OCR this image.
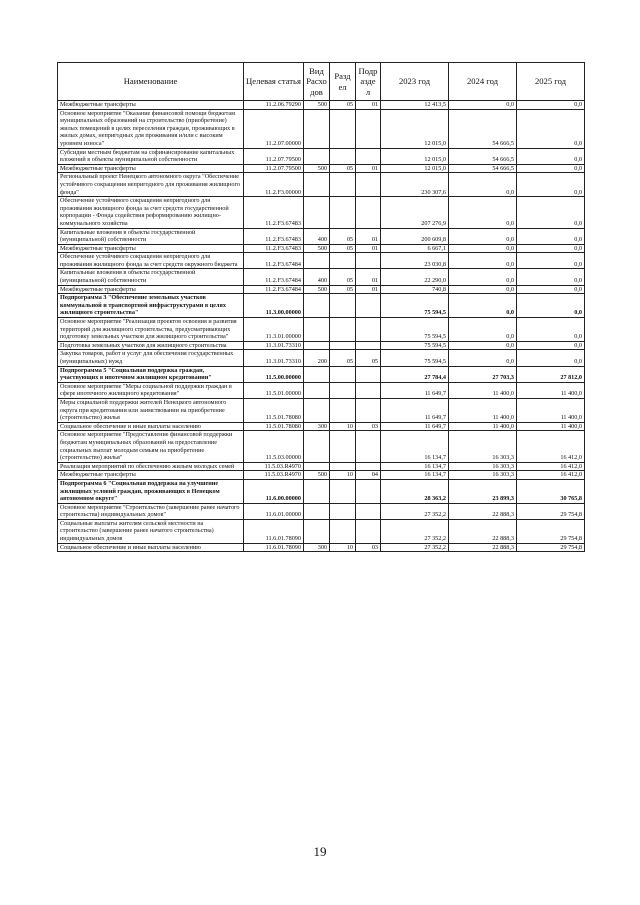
Наименование	Целевая статья	Вид Расхо дов	Разд ел	Подр азде л	2023 год	2024 год	2025 год
Межбюджетные трансферты	11.2.06.79290	500	05	01	12 413,5	0,0	0,0
Основное мероприятие "Оказание финансовой помощи бюджетам муниципальных образований на строительство (приобретение) жилых помещений в целях переселения граждан, проживающих в жилых домах, непригодных для проживания и/или с высоким уровнем износа"	11.2.07.00000				12 015,0	54 666,5	0,0
Субсидии местным бюджетам на софинансирование капитальных вложений в объекты муниципальной собственности	11.2.07.79500				12 015,0	54 666,5	0,0
Межбюджетные трансферты	11.2.07.79500	500	05	01	12 015,0	54 666,5	0,0
Региональный проект Ненецкого автономного округа "Обеспечение устойчивого сокращения непригодного для проживания жилищного фонда"	11.2.F3.00000				230 307,6	0,0	0,0
Обеспечение устойчивого сокращения непригодного для проживания жилищного фонда за счет средств государственной корпорации - Фонда содействия реформированию жилищно-коммунального хозяйства	11.2.F3.67483				207 276,9	0,0	0,0
Капитальные вложения в объекты государственной (муниципальной) собственности	11.2.F3.67483	400	05	01	200 609,8	0,0	0,0
Межбюджетные трансферты	11.2.F3.67483	500	05	01	6 667,1	0,0	0,0
Обеспечение устойчивого сокращения непригодного для проживания жилищного фонда за счет средств окружного бюджета	11.2.F3.67484				23 030,8	0,0	0,0
Капитальные вложения в объекты государственной (муниципальной) собственности	11.2.F3.67484	400	05	01	22 290,0	0,0	0,0
Межбюджетные трансферты	11.2.F3.67484	500	05	01	740,8	0,0	0,0
Подпрограмма 3 "Обеспечение земельных участков коммунальной и транспортной инфраструктурами в целях жилищного строительства"	11.3.00.00000				75 594,5	0,0	0,0
Основное мероприятие "Реализация проектов освоения и развития территорий для жилищного строительства, предусматривающих подготовку земельных участков для жилищного строительства"	11.3.01.00000				75 594,5	0,0	0,0
Подготовка земельных участков для жилищного строительства	11.3.01.73310				75 594,5	0,0	0,0
Закупка товаров, работ и услуг для обеспечения государственных (муниципальных) нужд	11.3.01.73310	200	05	05	75 594,5	0,0	0,0
Подпрограмма 5 "Социальная поддержка граждан, участвующих в ипотечном жилищном кредитовании"	11.5.00.00000				27 784,4	27 703,3	27 812,0
Основное мероприятие "Меры социальной поддержки граждан в сфере ипотечного жилищного кредитования"	11.5.01.00000				11 649,7	11 400,0	11 400,0
Меры социальной поддержки жителей Ненецкого автономного округа при кредитовании или заимствовании на приобретение (строительство) жилья	11.5.01.78080				11 649,7	11 400,0	11 400,0
Социальное обеспечение и иные выплаты населению	11.5.01.78080	300	10	03	11 649,7	11 400,0	11 400,0
Основное мероприятие "Предоставление финансовой поддержки бюджетам муниципальных образований на предоставление социальных выплат молодым семьям на приобретение (строительство) жилья"	11.5.03.00000				16 134,7	16 303,3	16 412,0
Реализация мероприятий по обеспечению жильем молодых семей	11.5.03.R4970				16 134,7	16 303,3	16 412,0
Межбюджетные трансферты	11.5.03.R4970	500	10	04	16 134,7	16 303,3	16 412,0
Подпрограмма 6 "Социальная поддержка на улучшение жилищных условий граждан, проживающих в Ненецком автономном округе"	11.6.00.00000				28 363,2	23 899,3	30 765,8
Основное мероприятие "Строительство (завершение ранее начатого строительства) индивидуальных домов"	11.6.01.00000				27 352,2	22 888,3	29 754,8
Социальные выплаты жителям сельской местности на строительство (завершение ранее начатого строительства) индивидуальных домов	11.6.01.78090				27 352,2	22 888,3	29 754,8
Социальное обеспечение и иные выплаты населению	11.6.01.78090	300	10	03	27 352,2	22 888,3	29 754,8
19
